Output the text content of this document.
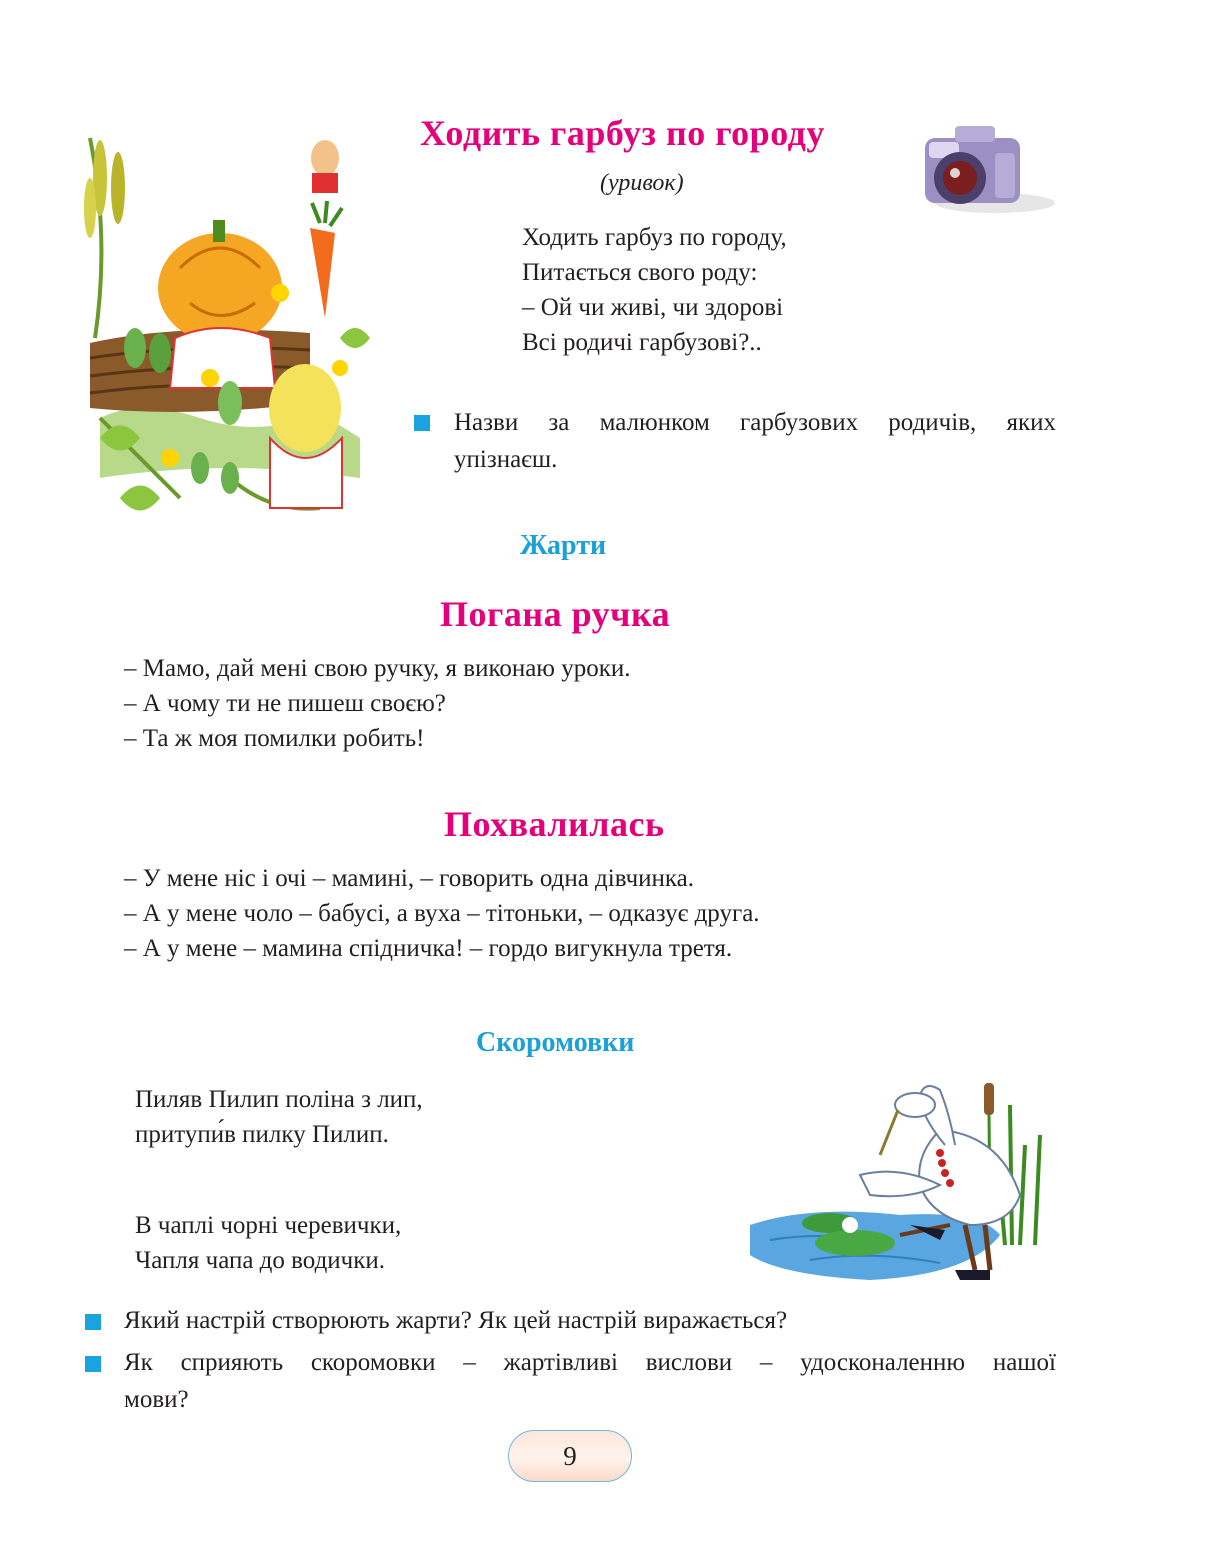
Ходить гарбуз по городу
(уривок)
Ходить гарбуз по городу,
Питається свого роду:
– Ой чи живі, чи здорові
Всі родичі гарбузові?..
Назви за малюнком гарбузових родичів, яких
упізнаєш.
Жарти
Погана ручка
– Мамо, дай мені свою ручку, я виконаю уроки.
– А чому ти не пишеш своєю?
– Та ж моя помилки робить!
Похвалилась
– У мене ніс і очі – мамині, – говорить одна дівчинка.
– А у мене чоло – бабусі, а вуха – тітоньки, – одказує друга.
– А у мене – мамина спідничка! – гордо вигукнула третя.
Скоромовки
Пиляв Пилип поліна з лип,
притупи́в пилку Пилип.
В чаплі чорні черевички,
Чапля чапа до водички.
Який настрій створюють жарти? Як цей настрій виражається?
Як сприяють скоромовки – жартівливі вислови – удосконаленню нашої
мови?
9
